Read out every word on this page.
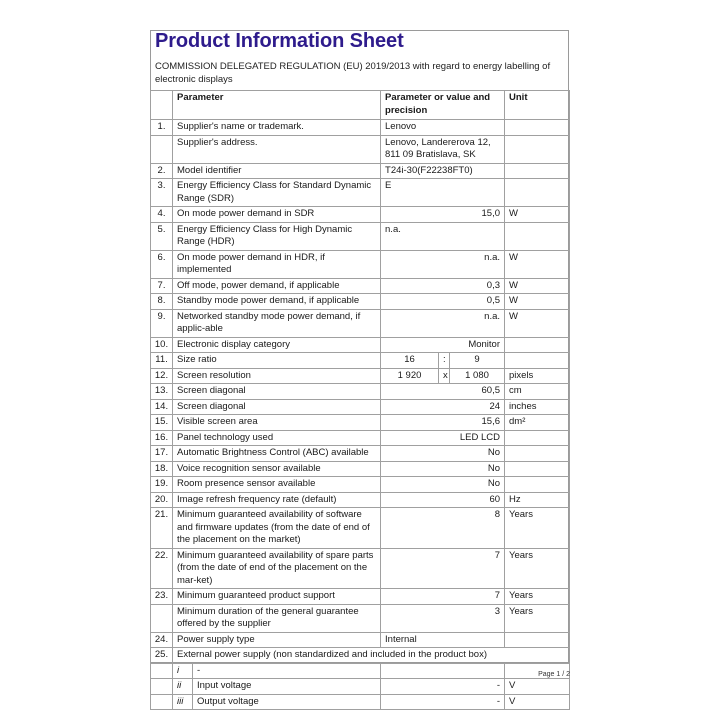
Product Information Sheet
COMMISSION DELEGATED REGULATION (EU) 2019/2013 with regard to energy labelling of electronic displays
	Parameter		Parameter or value and precision			Unit
1.	Supplier's name or trademark.		Lenovo			
	Supplier's address.		Lenovo, Landererova 12, 811 09 Bratislava, SK			
2.	Model identifier		T24i-30(F22238FT0)			
3.	Energy Efficiency Class for Standard Dynamic Range (SDR)		E			
4.	On mode power demand in SDR		15,0			W
5.	Energy Efficiency Class for High Dynamic Range (HDR)		n.a.			
6.	On mode power demand in HDR, if implemented		n.a.			W
7.	Off mode, power demand, if applicable		0,3			W
8.	Standby mode power demand, if applicable		0,5			W
9.	Networked standby mode power demand, if applic-able		n.a.			W
10.	Electronic display category		Monitor			
11.	Size ratio		16	:	9	
12.	Screen resolution		1 920	x	1 080	pixels
13.	Screen diagonal		60,5			cm
14.	Screen diagonal		24			inches
15.	Visible screen area		15,6			dm²
16.	Panel technology used		LED LCD			
17.	Automatic Brightness Control (ABC) available		No			
18.	Voice recognition sensor available		No			
19.	Room presence sensor available		No			
20.	Image refresh frequency rate (default)		60			Hz
21.	Minimum guaranteed availability of software and firmware updates (from the date of end of the placement on the market)		8			Years
22.	Minimum guaranteed availability of spare parts (from the date of end of the placement on the mar-ket)		7			Years
23.	Minimum guaranteed product support		7			Years
	Minimum duration of the general guarantee offered by the supplier		3			Years
24.	Power supply type		Internal			
25.	External power supply (non standardized and included in the product box)					
	i	-				
	ii	Input voltage	-			V
	iii	Output voltage	-			V
Page 1 / 2
